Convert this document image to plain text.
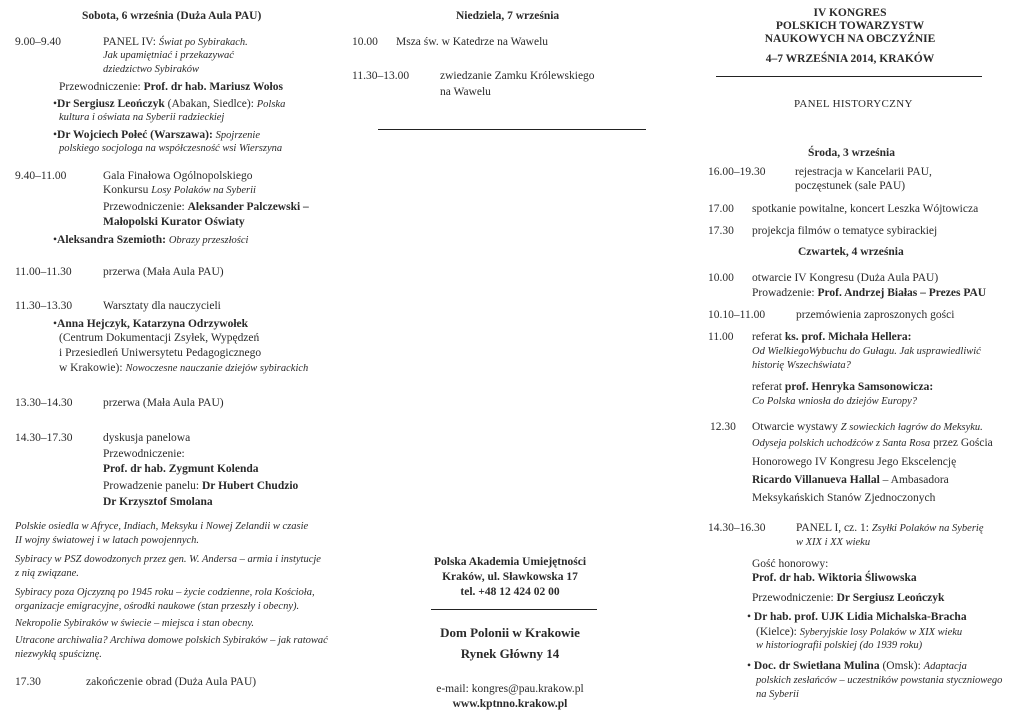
Sobota, 6 września (Duża Aula PAU)
9.00–9.40	PANEL IV: Świat po Sybirakach.
Jak upamiętniać i przekazywać
dziedzictwo Sybiraków
Przewodniczenie: Prof. dr hab. Mariusz Wołos
•Dr Sergiusz Leończyk (Abakan, Siedlce): Polska
kultura i oświata na Syberii radzieckiej
•Dr Wojciech Połeć (Warszawa): Spojrzenie
polskiego socjologa na współczesność wsi Wierszyna
9.40–11.00	Gala Finałowa Ogólnopolskiego
Konkursu Losy Polaków na Syberii
Przewodniczenie: Aleksander Palczewski –
Małopolski Kurator Oświaty
•Aleksandra Szemioth: Obrazy przeszłości
11.00–11.30	przerwa (Mała Aula PAU)
11.30–13.30	Warsztaty dla nauczycieli
•Anna Hejczyk, Katarzyna Odrzywołek
(Centrum Dokumentacji Zsyłek, Wypędzeń
i Przesiedleń Uniwersytetu Pedagogicznego
w Krakowie): Nowoczesne nauczanie dziejów sybirackich
13.30–14.30	przerwa (Mała Aula PAU)
14.30–17.30	dyskusja panelowa
Przewodniczenie:
Prof. dr hab. Zygmunt Kolenda
Prowadzenie panelu: Dr Hubert Chudzio
Dr Krzysztof Smolana
Polskie osiedla w Afryce, Indiach, Meksyku i Nowej Zelandii w czasie
II wojny światowej i w latach powojennych.
Sybiracy w PSZ dowodzonych przez gen. W. Andersa – armia i instytucje
z nią związane.
Sybiracy poza Ojczyzną po 1945 roku – życie codzienne, rola Kościoła,
organizacje emigracyjne, ośrodki naukowe (stan przeszły i obecny).
Nekropolie Sybiraków w świecie – miejsca i stan obecny.
Utracone archiwalia? Archiwa domowe polskich Sybiraków – jak ratować
niezwykłą spuściznę.
17.30	zakończenie obrad (Duża Aula PAU)
Niedziela, 7 września
10.00 Msza św. w Katedrze na Wawelu
11.30–13.00	zwiedzanie Zamku Królewskiego
na Wawelu
Polska Akademia Umiejętności
Kraków, ul. Sławkowska 17
tel. +48 12 424 02 00
Dom Polonii w Krakowie
Rynek Główny 14
e-mail: kongres@pau.krakow.pl
www.kptnno.krakow.pl
IV KONGRES
POLSKICH TOWARZYSTW
NAUKOWYCH NA OBCZYŹNIE
4–7 WRZEŚNIA 2014, KRAKÓW
PANEL HISTORYCZNY
Środa, 3 września
16.00–19.30	rejestracja w Kancelarii PAU,
poczęstunek (sale PAU)
17.00 spotkanie powitalne, koncert Leszka Wójtowicza
17.30 projekcja filmów o tematyce sybirackiej
Czwartek, 4 września
10.00 otwarcie IV Kongresu (Duża Aula PAU)
Prowadzenie: Prof. Andrzej Białas – Prezes PAU
10.10–11.00	przemówienia zaproszonych gości
11.00 referat ks. prof. Michała Hellera:
Od WielkiegoWybuchu do Gułagu. Jak usprawiedliwić
historię Wszechświata?
referat prof. Henryka Samsonowicza:
Co Polska wniosła do dziejów Europy?
12.30 Otwarcie wystawy Z sowieckich łagrów do Meksyku.
Odyseja polskich uchodźców z Santa Rosa przez Gościa
Honorowego IV Kongresu Jego Ekscelencję
Ricardo Villanueva Hallal – Ambasadora
Meksykańskich Stanów Zjednoczonych
14.30–16.30	PANEL I, cz. 1: Zsyłki Polaków na Syberię
w XIX i XX wieku
Gość honorowy:
Prof. dr hab. Wiktoria Śliwowska
Przewodniczenie: Dr Sergiusz Leończyk
• Dr hab. prof. UJK Lidia Michalska-Bracha
(Kielce): Syberyjskie losy Polaków w XIX wieku
w historiografii polskiej (do 1939 roku)
• Doc. dr Swietłana Mulina (Omsk): Adaptacja
polskich zesłańców – uczestników powstania styczniowego
na Syberii
